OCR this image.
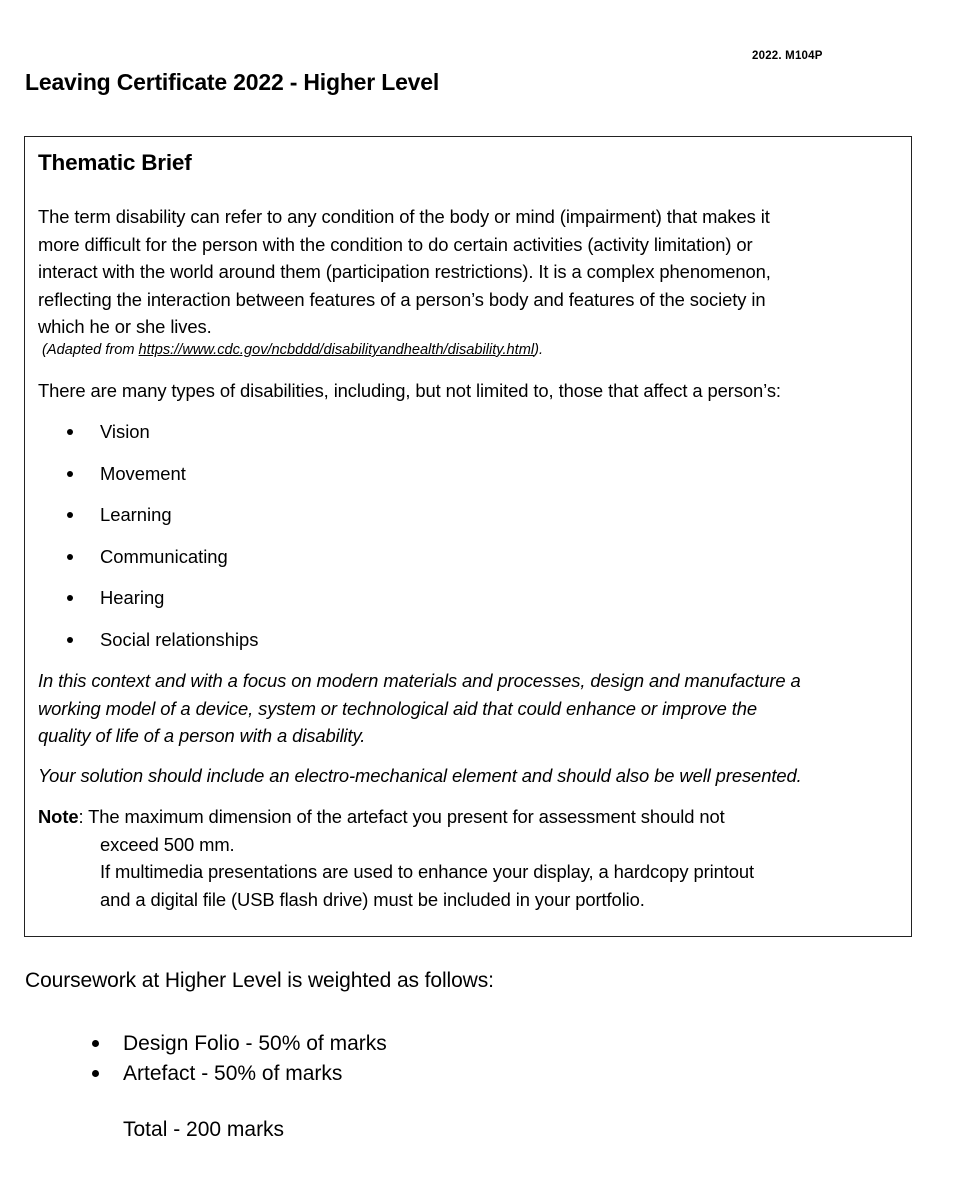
2022. M104P
Leaving Certificate 2022 - Higher Level
Thematic Brief

The term disability can refer to any condition of the body or mind (impairment) that makes it
more difficult for the person with the condition to do certain activities (activity limitation) or
interact with the world around them (participation restrictions). It is a complex phenomenon,
reflecting the interaction between features of a person’s body and features of the society in
which he or she lives.

(Adapted from https://www.cdc.gov/ncbddd/disabilityandhealth/disability.html).

There are many types of disabilities, including, but not limited to, those that affect a person’s:

Vision
Movement
Learning
Communicating
Hearing
Social relationships

In this context and with a focus on modern materials and processes, design and manufacture a
working model of a device, system or technological aid that could enhance or improve the
quality of life of a person with a disability.

Your solution should include an electro-mechanical element and should also be well presented.

Note: The maximum dimension of the artefact you present for assessment should not
exceed 500 mm.
If multimedia presentations are used to enhance your display, a hardcopy printout
and a digital file (USB flash drive) must be included in your portfolio.

Coursework at Higher Level is weighted as follows:

Design Folio - 50% of marks
Artefact - 50% of marks

Total - 200 marks
